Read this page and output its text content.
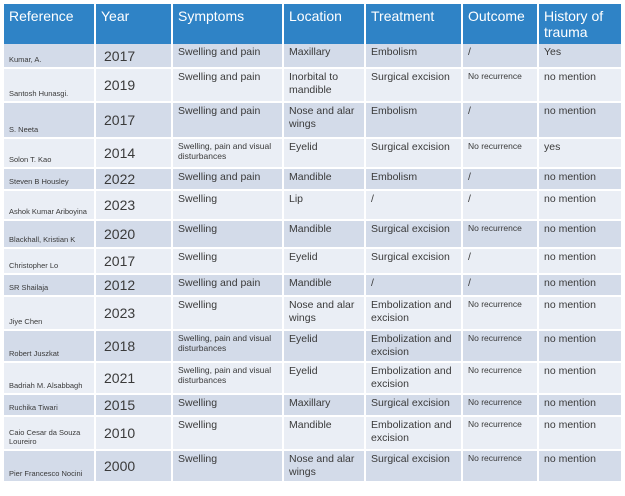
Reference	Year	Symptoms	Location	Treatment	Outcome	History of trauma
Kumar, A.	2017	Swelling and pain	Maxillary	Embolism	/	Yes
Santosh Hunasgi.	2019	Swelling and pain	Inorbital to mandible	Surgical excision	No recurrence	no mention
S. Neeta	2017	Swelling and pain	Nose and alar wings	Embolism	/	no mention
Solon T. Kao	2014	Swelling, pain and visual disturbances	Eyelid	Surgical excision	No recurrence	yes
Steven B Housley	2022	Swelling and pain	Mandible	Embolism	/	no mention
Ashok Kumar Ariboyina	2023	Swelling	Lip	/	/	no mention
Blackhall, Kristian K	2020	Swelling	Mandible	Surgical excision	No recurrence	no mention
Christopher Lo	2017	Swelling	Eyelid	Surgical excision	/	no mention
SR Shailaja	2012	Swelling and pain	Mandible	/	/	no mention
Jiye Chen	2023	Swelling	Nose and alar wings	Embolization and excision	No recurrence	no mention
Robert Juszkat	2018	Swelling, pain and visual disturbances	Eyelid	Embolization and excision	No recurrence	no mention
Badriah M. Alsabbagh	2021	Swelling, pain and visual disturbances	Eyelid	Embolization and excision	No recurrence	no mention
Ruchika Tiwari	2015	Swelling	Maxillary	Surgical excision	No recurrence	no mention
Caio Cesar da Souza Loureiro	2010	Swelling	Mandible	Embolization and excision	No recurrence	no mention
Pier Francesco Nocini	2000	Swelling	Nose and alar wings	Surgical excision	No recurrence	no mention
